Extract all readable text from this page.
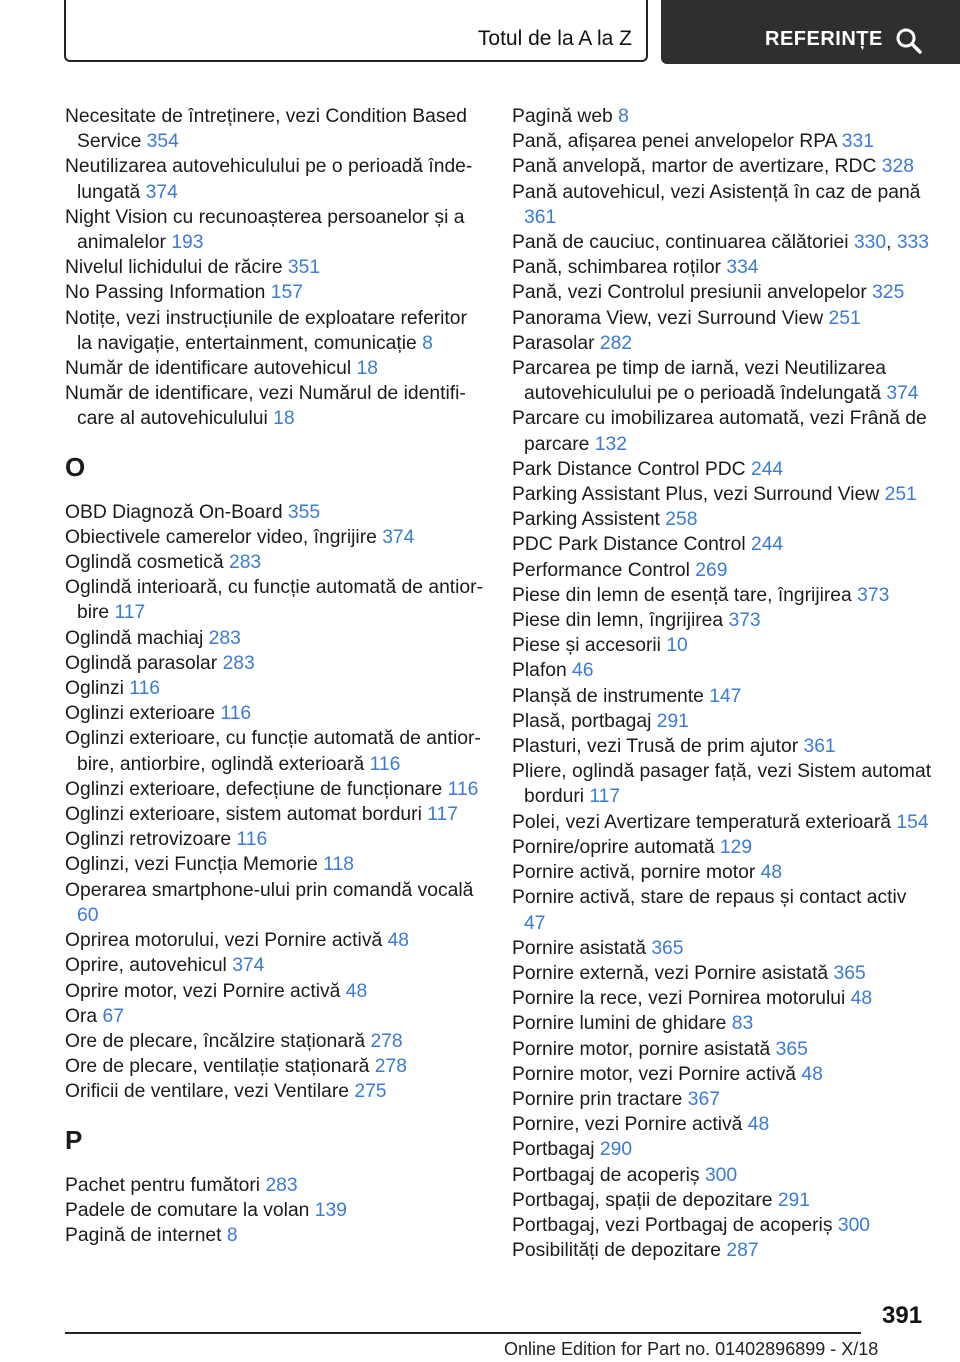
Totul de la A la Z	REFERINȚE
Necesitate de întreținere, vezi Condition Based Service 354
Neutilizarea autovehiculului pe o perioadă îndelungată 374
Night Vision cu recunoașterea persoanelor și a animalelor 193
Nivelul lichidului de răcire 351
No Passing Information 157
Notițe, vezi instrucțiunile de exploatare referitor la navigație, entertainment, comunicație 8
Număr de identificare autovehicul 18
Număr de identificare, vezi Numărul de identificare al autovehiculului 18
O
OBD Diagnoză On-Board 355
Obiectivele camerelor video, îngrijire 374
Oglindă cosmetică 283
Oglindă interioară, cu funcție automată de antiorbire 117
Oglindă machiaj 283
Oglindă parasolar 283
Oglinzi 116
Oglinzi exterioare 116
Oglinzi exterioare, cu funcție automată de antiorbire, antiorbire, oglindă exterioară 116
Oglinzi exterioare, defecțiune de funcționare 116
Oglinzi exterioare, sistem automat borduri 117
Oglinzi retrovizoare 116
Oglinzi, vezi Funcția Memorie 118
Operarea smartphone-ului prin comandă vocală 60
Oprirea motorului, vezi Pornire activă 48
Oprire, autovehicul 374
Oprire motor, vezi Pornire activă 48
Ora 67
Ore de plecare, încălzire staționară 278
Ore de plecare, ventilație staționară 278
Orificii de ventilare, vezi Ventilare 275
P
Pachet pentru fumători 283
Padele de comutare la volan 139
Pagină de internet 8
Pagină web 8
Pană, afișarea penei anvelopelor RPA 331
Pană anvelopă, martor de avertizare, RDC 328
Pană autovehicul, vezi Asistență în caz de pană 361
Pană de cauciuc, continuarea călătoriei 330, 333
Pană, schimbarea roților 334
Pană, vezi Controlul presiunii anvelopelor 325
Panorama View, vezi Surround View 251
Parasolar 282
Parcarea pe timp de iarnă, vezi Neutilizarea autovehiculului pe o perioadă îndelungată 374
Parcare cu imobilizarea automată, vezi Frână de parcare 132
Park Distance Control PDC 244
Parking Assistant Plus, vezi Surround View 251
Parking Assistent 258
PDC Park Distance Control 244
Performance Control 269
Piese din lemn de esență tare, îngrijirea 373
Piese din lemn, îngrijirea 373
Piese și accesorii 10
Plafon 46
Planșă de instrumente 147
Plasă, portbagaj 291
Plasturi, vezi Trusă de prim ajutor 361
Pliere, oglindă pasager față, vezi Sistem automat borduri 117
Polei, vezi Avertizare temperatură exterioară 154
Pornire/oprire automată 129
Pornire activă, pornire motor 48
Pornire activă, stare de repaus și contact activ 47
Pornire asistată 365
Pornire externă, vezi Pornire asistată 365
Pornire la rece, vezi Pornirea motorului 48
Pornire lumini de ghidare 83
Pornire motor, pornire asistată 365
Pornire motor, vezi Pornire activă 48
Pornire prin tractare 367
Pornire, vezi Pornire activă 48
Portbagaj 290
Portbagaj de acoperiș 300
Portbagaj, spații de depozitare 291
Portbagaj, vezi Portbagaj de acoperiș 300
Posibilități de depozitare 287
391
Online Edition for Part no. 01402896899 - X/18
